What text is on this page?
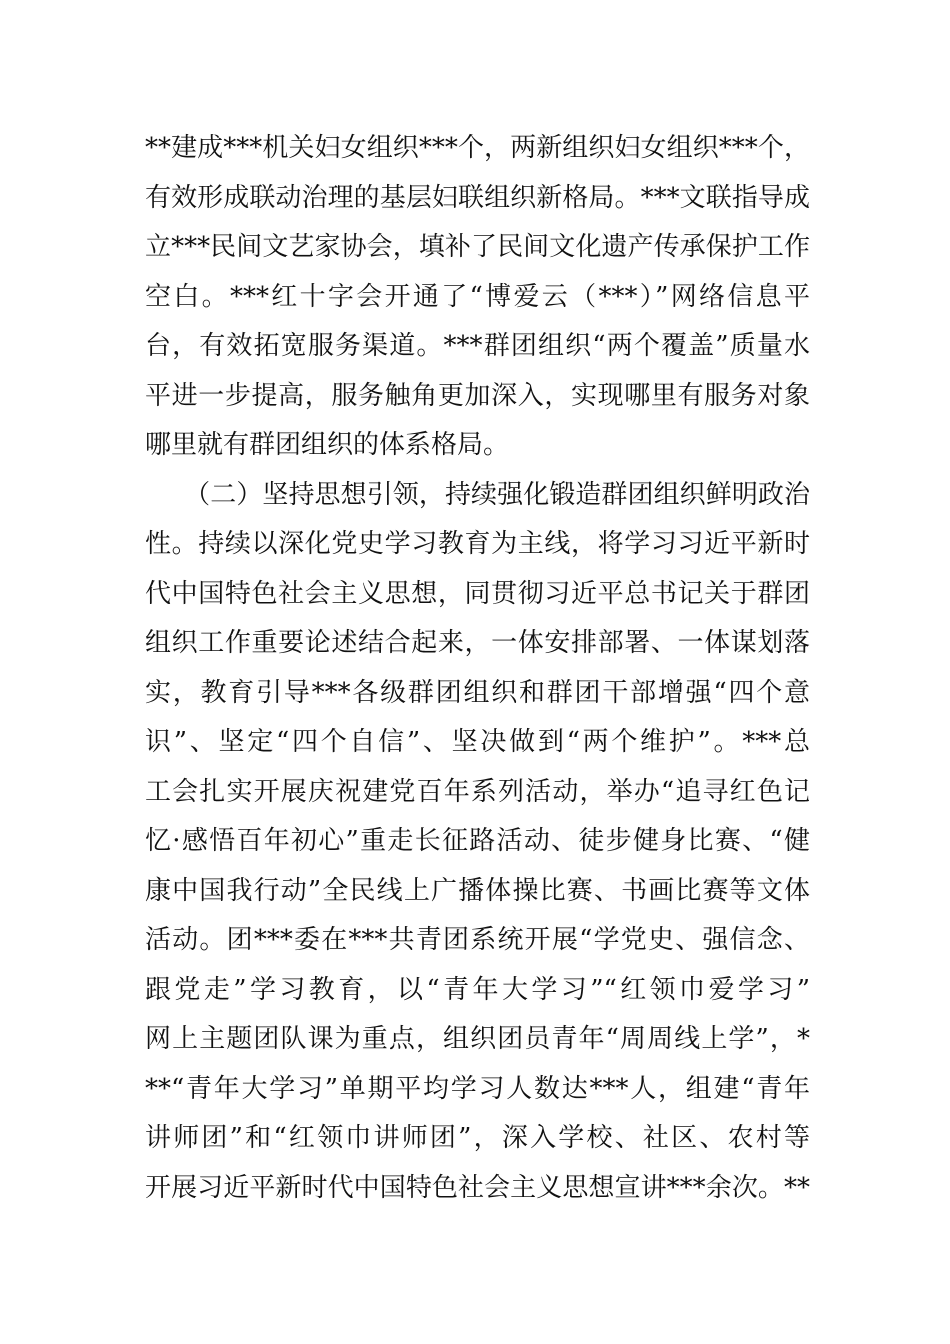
**建成***机关妇女组织***个，两新组织妇女组织***个，
有效形成联动治理的基层妇联组织新格局。***文联指导成
立***民间文艺家协会，填补了民间文化遗产传承保护工作
空白。***红十字会开通了“博爱云（***）”网络信息平
台，有效拓宽服务渠道。***群团组织“两个覆盖”质量水
平进一步提高，服务触角更加深入，实现哪里有服务对象
哪里就有群团组织的体系格局。
　　（二）坚持思想引领，持续强化锻造群团组织鲜明政治
性。持续以深化党史学习教育为主线，将学习习近平新时
代中国特色社会主义思想，同贯彻习近平总书记关于群团
组织工作重要论述结合起来，一体安排部署、一体谋划落
实，教育引导***各级群团组织和群团干部增强“四个意
识”、坚定“四个自信”、坚决做到“两个维护”。***总
工会扎实开展庆祝建党百年系列活动，举办“追寻红色记
忆·感悟百年初心”重走长征路活动、徒步健身比赛、“健
康中国我行动”全民线上广播体操比赛、书画比赛等文体
活动。团***委在***共青团系统开展“学党史、强信念、
跟党走”学习教育，以“青年大学习”“红领巾爱学习”
网上主题团队课为重点，组织团员青年“周周线上学”，*
**“青年大学习”单期平均学习人数达***人，组建“青年
讲师团”和“红领巾讲师团”，深入学校、社区、农村等
开展习近平新时代中国特色社会主义思想宣讲***余次。**
